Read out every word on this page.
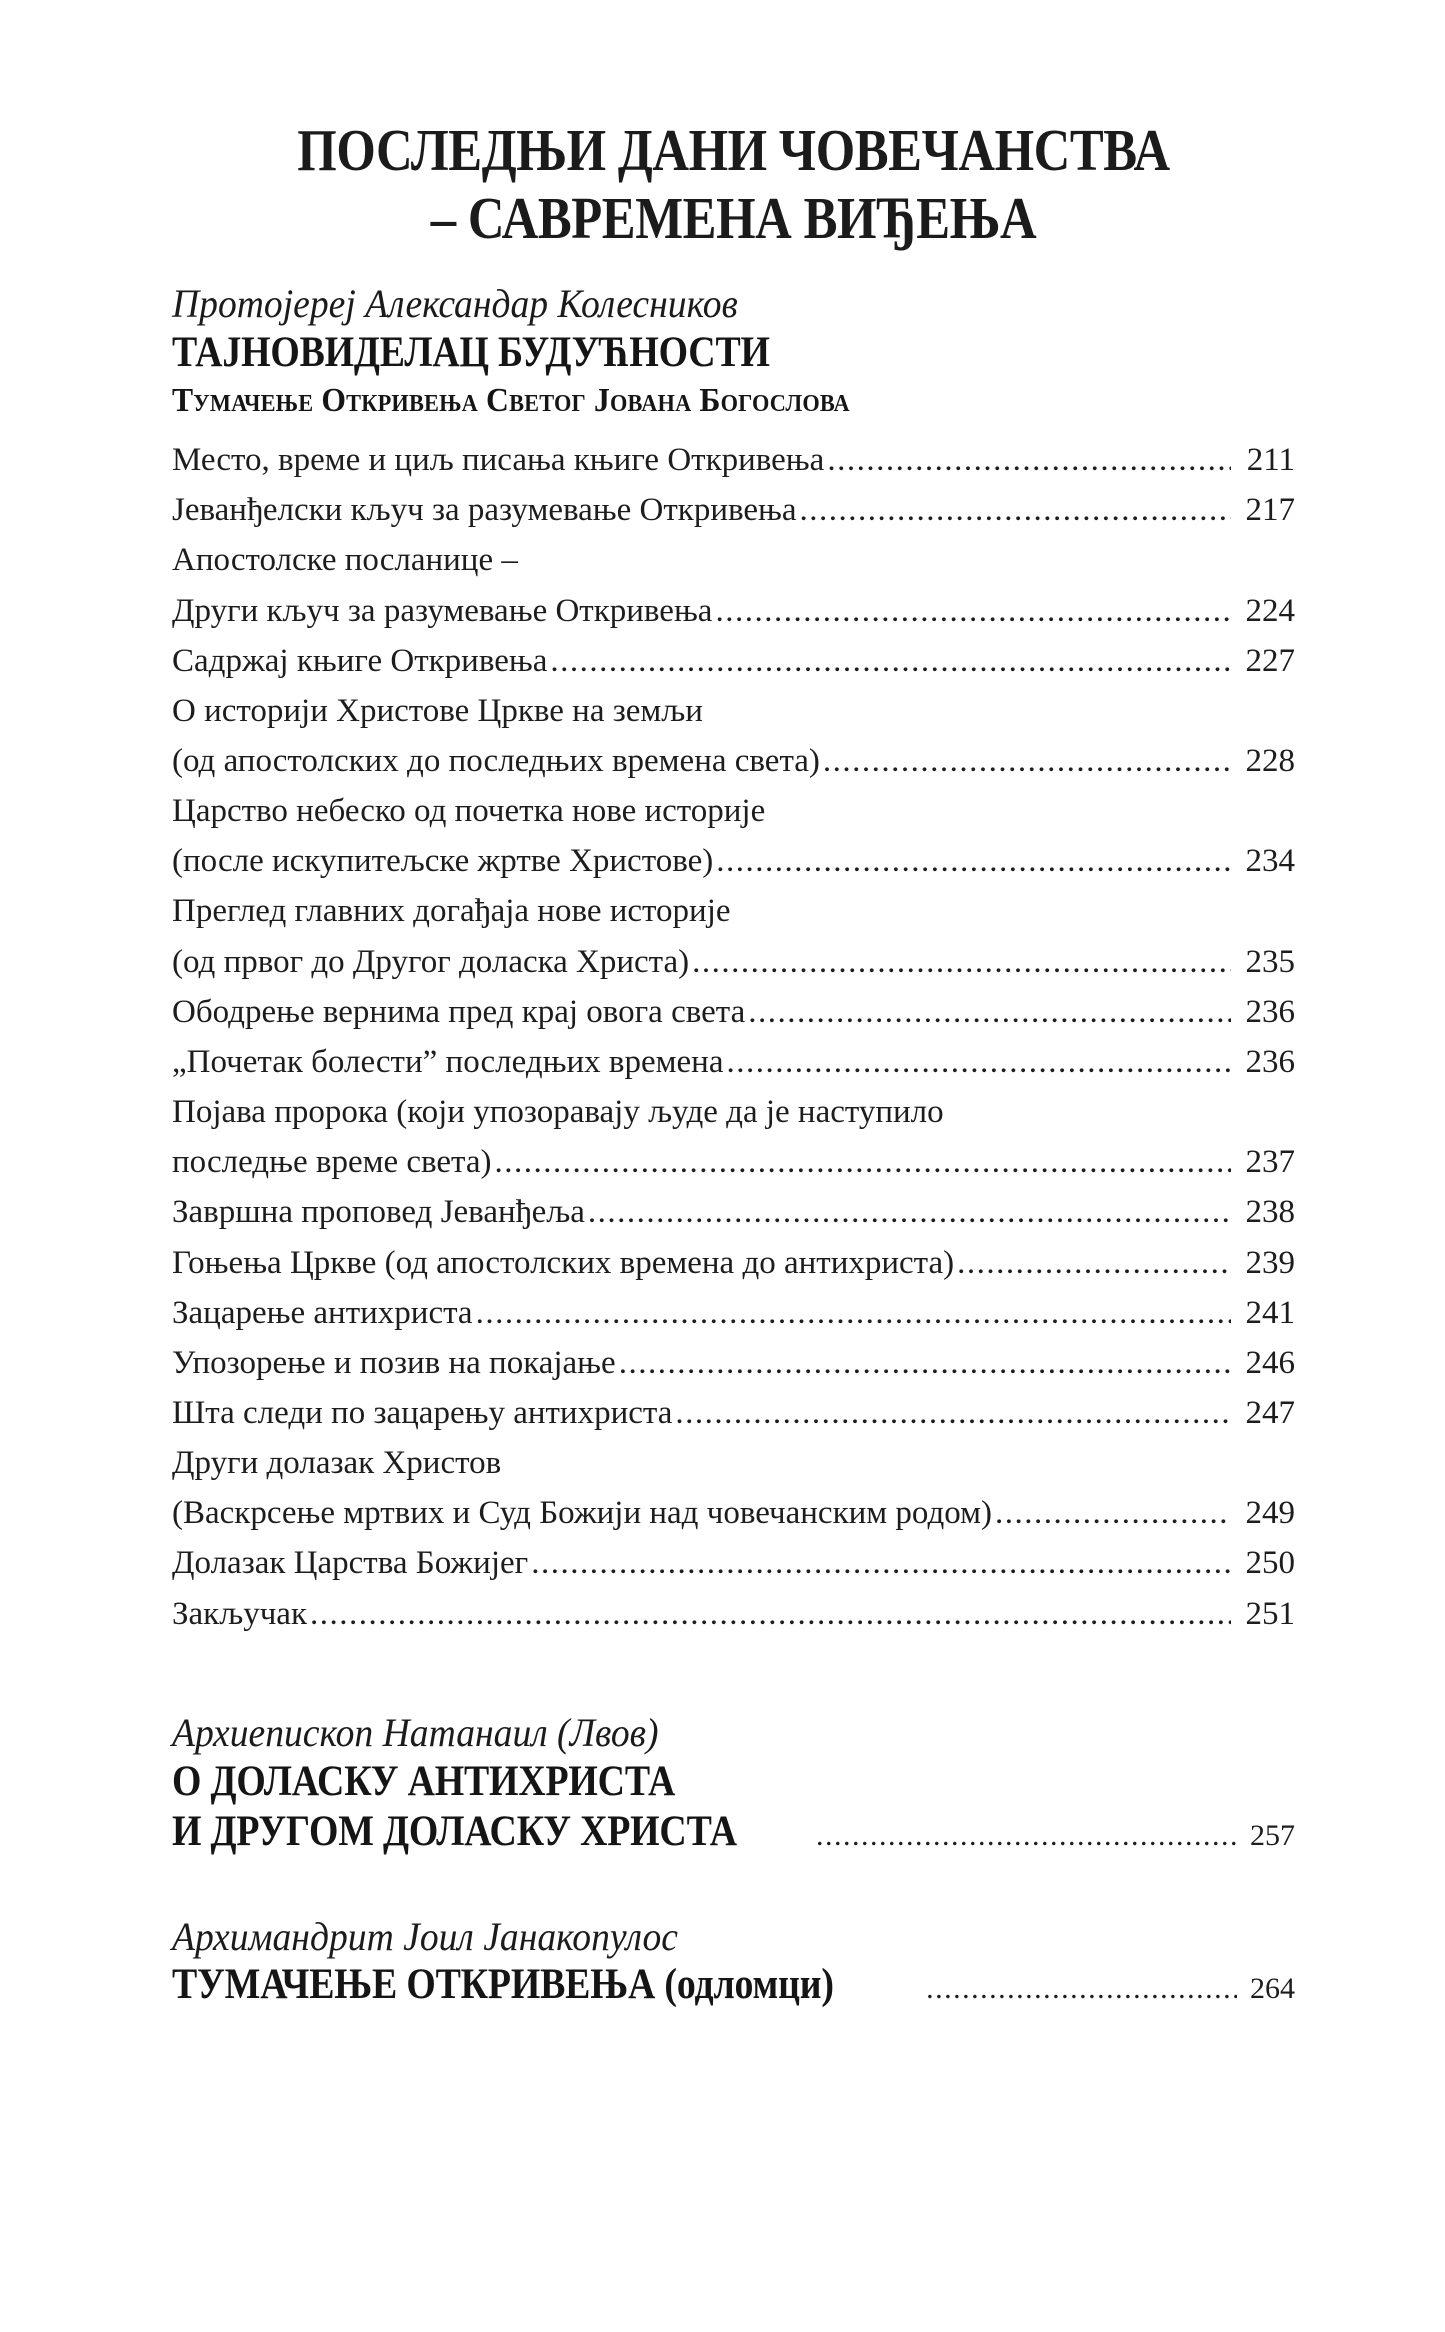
ПОСЛЕДЊИ ДАНИ ЧОВЕЧАНСТВА
– САВРЕМЕНА ВИЂЕЊА
Протојереј Александар Колесников
ТАЈНОВИДЕЛАЦ БУДУЋНОСТИ
Тумачење Откривења Светог Јована Богослова
Место, време и циљ писања књиге Откривења .....	211
Јеванђелски кључ за разумевање Откривења .....	217
Апостолске посланице –
Други кључ за разумевање Откривења .....	224
Садржај књиге Откривења .....	227
О историји Христове Цркве на земљи
(од апостолских до последњих времена света) .....	228
Царство небеско од почетка нове историје
(после искупитељске жртве Христове) .....	234
Преглед главних догађаја нове историје
(од првог до Другог доласка Христа) .....	235
Ободрење вернима пред крај овога света .....	236
„Почетак болести” последњих времена .....	236
Појава пророка (који упозоравају људе да је наступило
последње време света) .....	237
Завршна проповед Јеванђеља .....	238
Гоњења Цркве (од апостолских времена до антихриста) .....	239
Зацарење антихриста .....	241
Упозорење и позив на покајање .....	246
Шта следи по зацарењу антихриста .....	247
Други долазак Христов
(Васкрсење мртвих и Суд Божији над човечанским родом) .....	249
Долазак Царства Божијег .....	250
Закључак .....	251
Архиепископ Натанаил (Лвов)
О ДОЛАСКУ АНТИХРИСТА
И ДРУГОМ ДОЛАСКУ ХРИСТА .....	257
Архимандрит Јоил Јанакопулос
ТУМАЧЕЊЕ ОТКРИВЕЊА (одломци) .....	264
